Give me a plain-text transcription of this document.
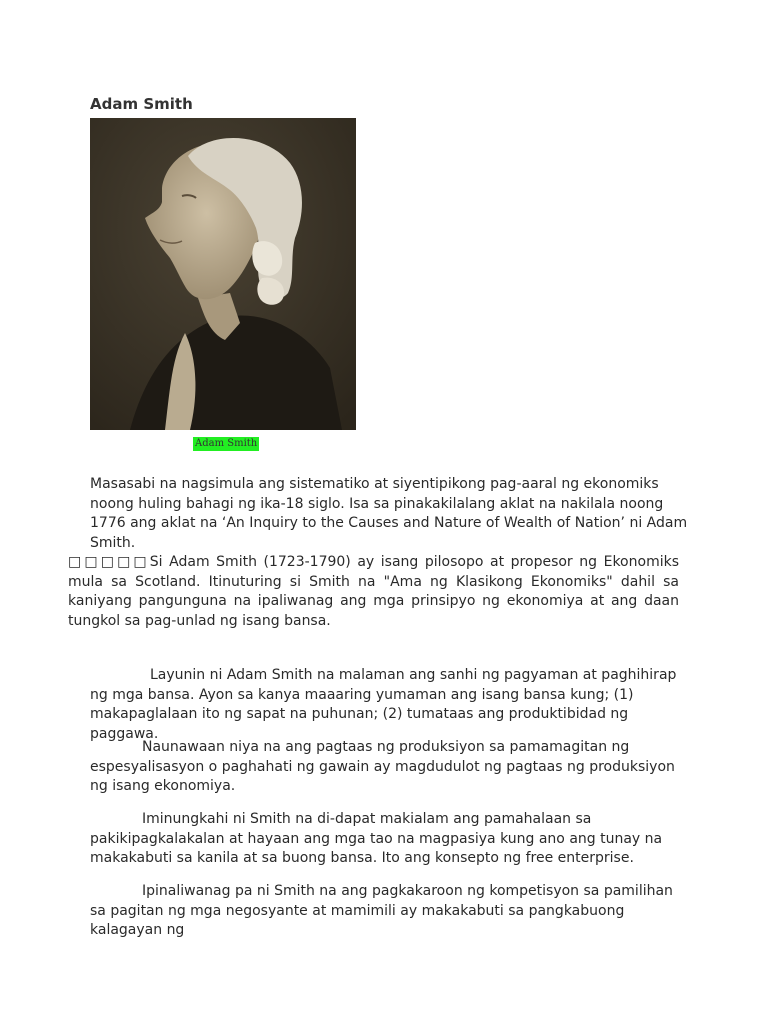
Adam Smith
Adam Smith

Masasabi na nagsimula ang sistematiko at siyentipikong pag-aaral ng ekonomiks noong huling bahagi ng ika-18 siglo. Isa sa pinakakilalang aklat na nakilala noong 1776 ang aklat na ‘An Inquiry to the Causes and Nature of Wealth of Nation’ ni Adam Smith.

□□□□□Si Adam Smith (1723-1790) ay isang pilosopo at propesor ng Ekonomiks mula sa Scotland. Itinuturing si Smith na "Ama ng Klasikong Ekonomiks" dahil sa kaniyang pangunguna na ipaliwanag ang mga prinsipyo ng ekonomiya at ang daan tungkol sa pag-unlad ng isang bansa.

Layunin ni Adam Smith na malaman ang sanhi ng pagyaman at paghihirap ng mga bansa. Ayon sa kanya maaaring yumaman ang isang bansa kung; (1) makapaglalaan ito ng sapat na puhunan; (2) tumataas ang produktibidad ng paggawa.

Naunawaan niya na ang pagtaas ng produksiyon sa pamamagitan ng espesyalisasyon o paghahati ng gawain ay magdudulot ng pagtaas ng produksiyon ng isang ekonomiya.

Iminungkahi ni Smith na di-dapat makialam ang pamahalaan sa pakikipagkalakalan at hayaan ang mga tao na magpasiya kung ano ang tunay na makakabuti sa kanila at sa buong bansa. Ito ang konsepto ng free enterprise.

Ipinaliwanag pa ni Smith na ang pagkakaroon ng kompetisyon sa pamilihan sa pagitan ng mga negosyante at mamimili ay makakabuti sa pangkabuong kalagayan ng
